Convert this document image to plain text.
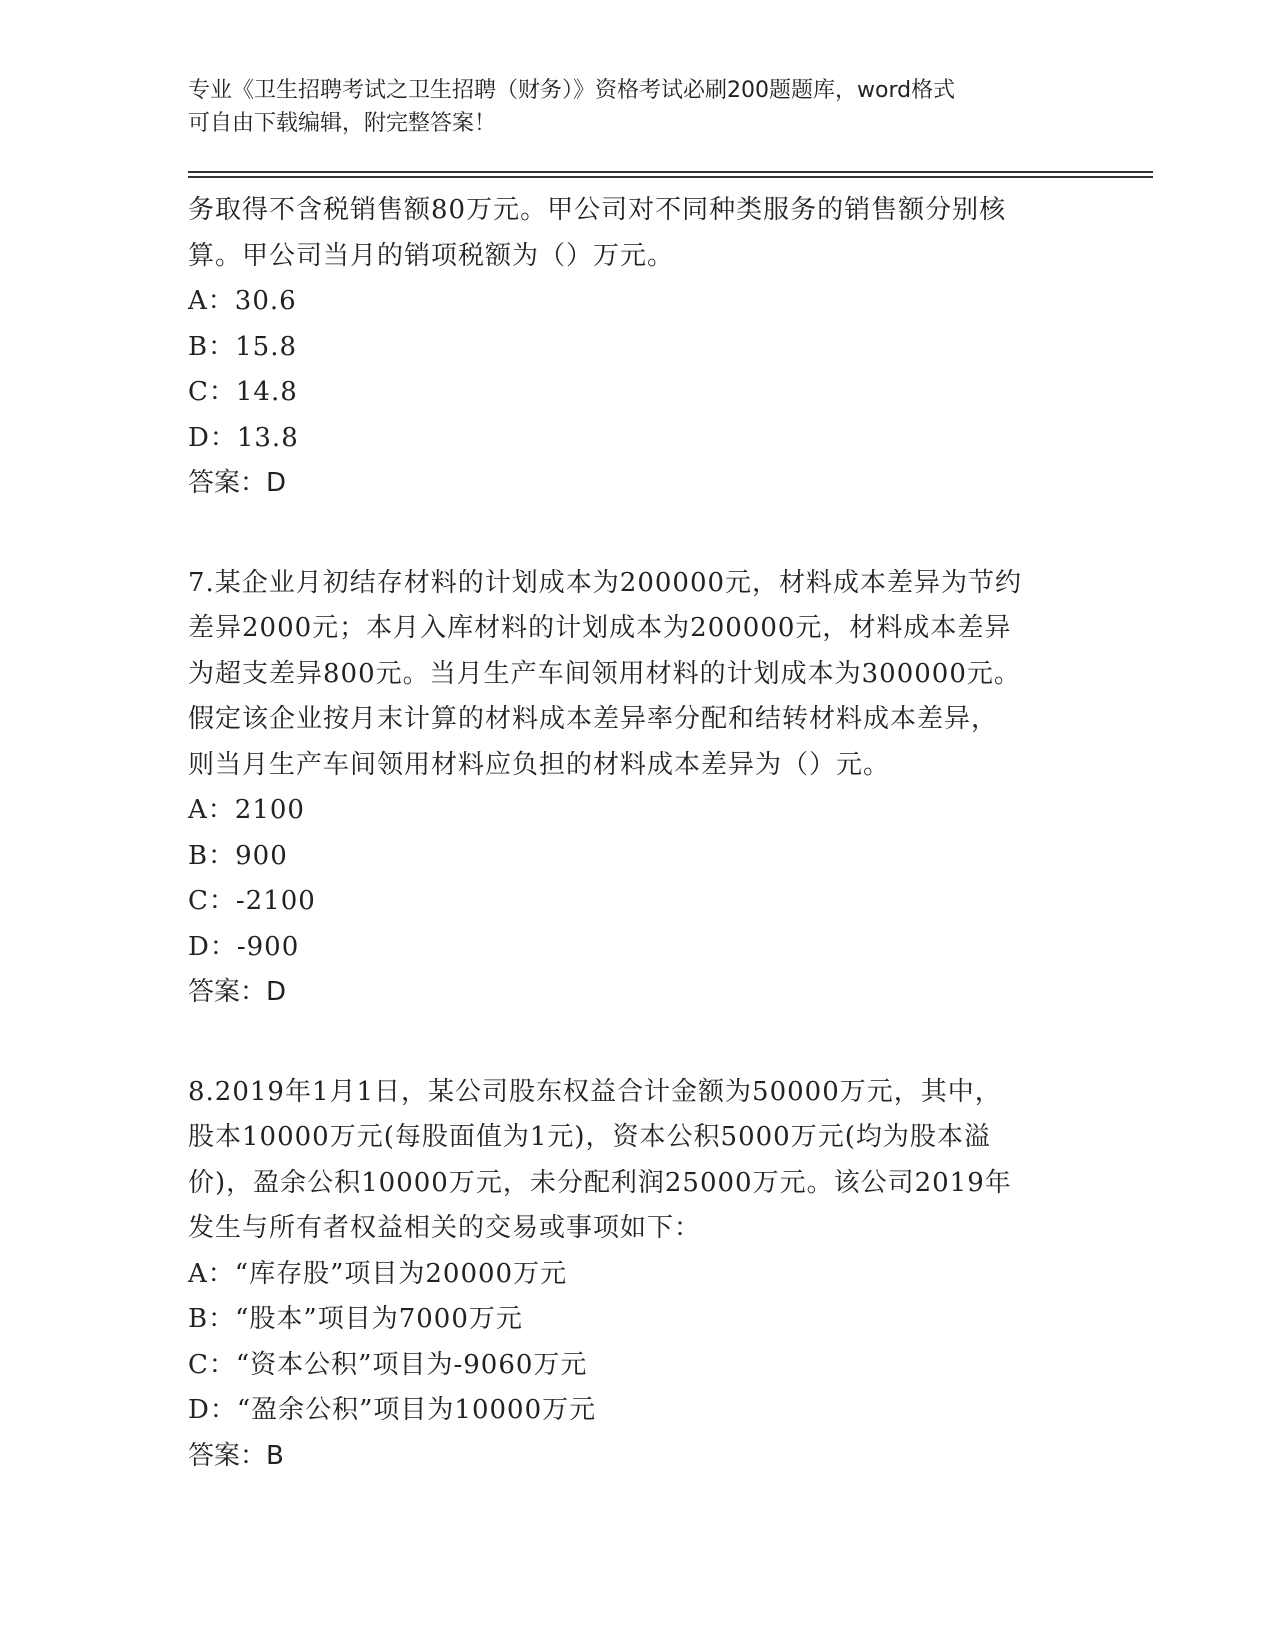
专业《卫生招聘考试之卫生招聘（财务）》资格考试必刷200题题库，word格式
可自由下载编辑，附完整答案！

务取得不含税销售额80万元。甲公司对不同种类服务的销售额分别核

算。甲公司当月的销项税额为（）万元。

A：30.6

B：15.8

C：14.8

D：13.8

答案：D

7.某企业月初结存材料的计划成本为200000元，材料成本差异为节约

差异2000元；本月入库材料的计划成本为200000元，材料成本差异

为超支差异800元。当月生产车间领用材料的计划成本为300000元。

假定该企业按月末计算的材料成本差异率分配和结转材料成本差异，

则当月生产车间领用材料应负担的材料成本差异为（）元。

A：2100

B：900

C：-2100

D：-900

答案：D

8.2019年1月1日，某公司股东权益合计金额为50000万元，其中，

股本10000万元(每股面值为1元)，资本公积5000万元(均为股本溢

价)，盈余公积10000万元，未分配利润25000万元。该公司2019年

发生与所有者权益相关的交易或事项如下：

A：“库存股”项目为20000万元

B：“股本”项目为7000万元

C：“资本公积”项目为-9060万元

D：“盈余公积”项目为10000万元

答案：B
